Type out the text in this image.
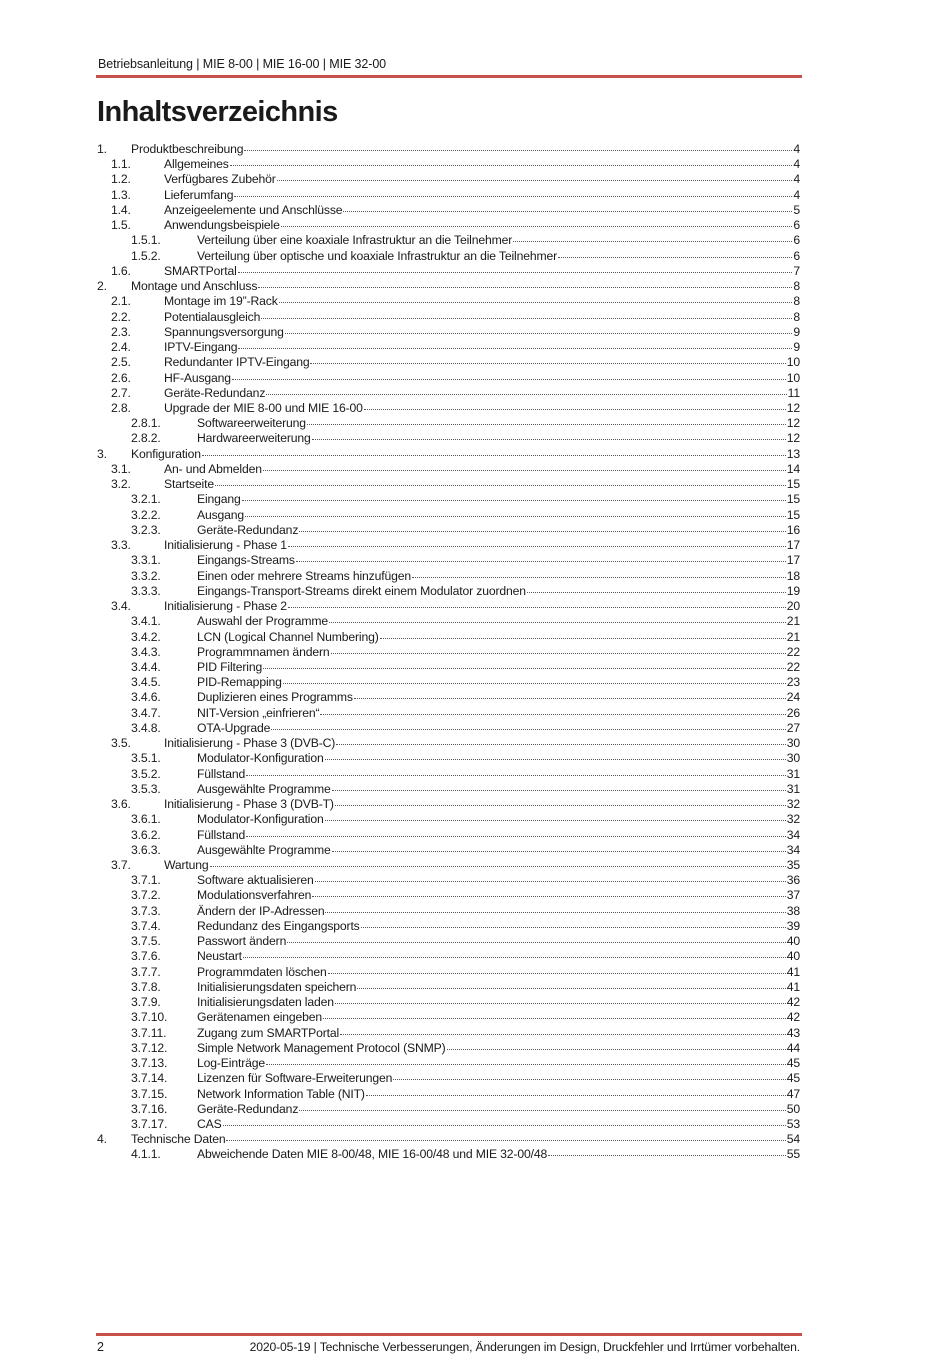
Betriebsanleitung | MIE 8-00 | MIE 16-00 | MIE 32-00
Inhaltsverzeichnis
1. Produktbeschreibung	4
1.1.	Allgemeines	4
1.2.	Verfügbares Zubehör	4
1.3.	Lieferumfang	4
1.4.	Anzeigeelemente und Anschlüsse	5
1.5.	Anwendungsbeispiele	6
1.5.1.	Verteilung über eine koaxiale Infrastruktur an die Teilnehmer	6
1.5.2.	Verteilung über optische und koaxiale Infrastruktur an die Teilnehmer	6
1.6.	SMARTPortal	7
2. Montage und Anschluss	8
2.1.	Montage im 19”-Rack	8
2.2.	Potentialausgleich	8
2.3.	Spannungsversorgung	9
2.4.	IPTV-Eingang	9
2.5.	Redundanter IPTV-Eingang	10
2.6.	HF-Ausgang	10
2.7.	Geräte-Redundanz	11
2.8.	Upgrade der MIE 8-00 und MIE 16-00	12
2.8.1.	Softwareerweiterung	12
2.8.2.	Hardwareerweiterung	12
3. Konfiguration	13
3.1.	An- und Abmelden	14
3.2.	Startseite	15
3.2.1.	Eingang	15
3.2.2.	Ausgang	15
3.2.3.	Geräte-Redundanz	16
3.3.	Initialisierung - Phase 1	17
3.3.1.	Eingangs-Streams	17
3.3.2.	Einen oder mehrere Streams hinzufügen	18
3.3.3.	Eingangs-Transport-Streams direkt einem Modulator zuordnen	19
3.4.	Initialisierung - Phase 2	20
3.4.1.	Auswahl der Programme	21
3.4.2.	LCN (Logical Channel Numbering)	21
3.4.3.	Programmnamen ändern	22
3.4.4.	PID Filtering	22
3.4.5.	PID-Remapping	23
3.4.6.	Duplizieren eines Programms	24
3.4.7.	NIT-Version „einfrieren“	26
3.4.8.	OTA-Upgrade	27
3.5.	Initialisierung - Phase 3 (DVB-C)	30
3.5.1.	Modulator-Konfiguration	30
3.5.2.	Füllstand	31
3.5.3.	Ausgewählte Programme	31
3.6.	Initialisierung - Phase 3 (DVB-T)	32
3.6.1.	Modulator-Konfiguration	32
3.6.2.	Füllstand	34
3.6.3.	Ausgewählte Programme	34
3.7.	Wartung	35
3.7.1.	Software aktualisieren	36
3.7.2.	Modulationsverfahren	37
3.7.3.	Ändern der IP-Adressen	38
3.7.4.	Redundanz des Eingangsports	39
3.7.5.	Passwort ändern	40
3.7.6.	Neustart	40
3.7.7.	Programmdaten löschen	41
3.7.8.	Initialisierungsdaten speichern	41
3.7.9.	Initialisierungsdaten laden	42
3.7.10. Gerätenamen eingeben	42
3.7.11.	Zugang zum SMARTPortal	43
3.7.12. Simple Network Management Protocol (SNMP)	44
3.7.13. Log-Einträge	45
3.7.14. Lizenzen für Software-Erweiterungen	45
3.7.15. Network Information Table (NIT)	47
3.7.16. Geräte-Redundanz	50
3.7.17. CAS	53
4. Technische Daten	54
4.1.1.	Abweichende Daten MIE 8-00/48, MIE 16-00/48 und MIE 32-00/48	55
2	2020-05-19 | Technische Verbesserungen, Änderungen im Design, Druckfehler und Irrtümer vorbehalten.
